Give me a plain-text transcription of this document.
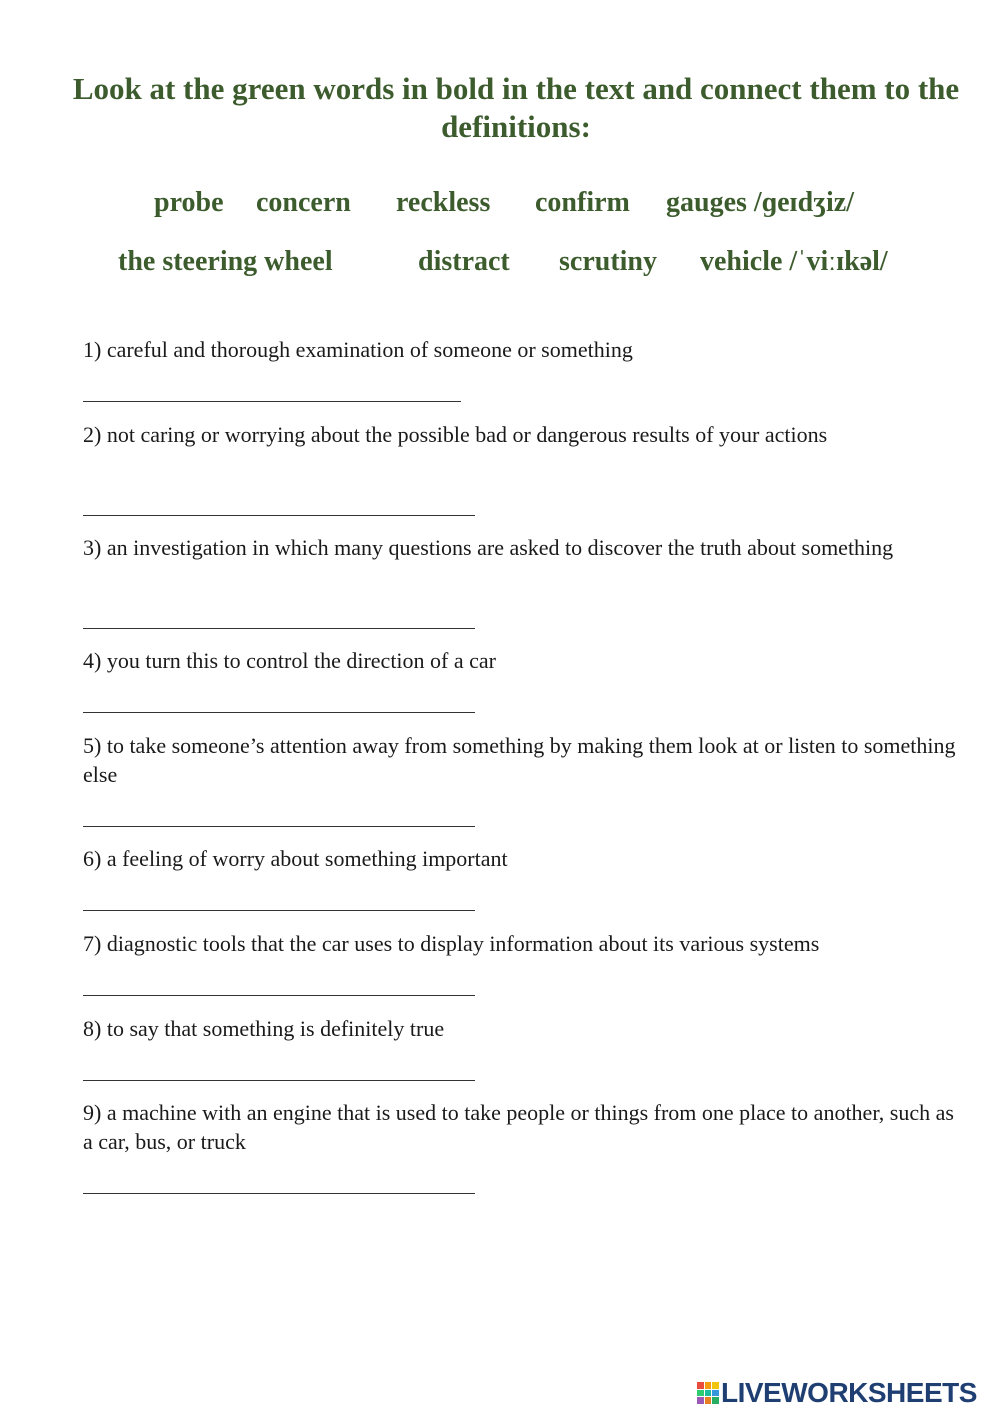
Look at the green words in bold in the text and connect them to the definitions:
probe concern reckless confirm gauges /ɡeɪdʒiz/
the steering wheel	distract scrutiny vehicle /ˈviːɪkəl/
1) careful and thorough examination of someone or something
2) not caring or worrying about the possible bad or dangerous results of your actions
3) an investigation in which many questions are asked to discover the truth about something
4) you turn this to control the direction of a car
5) to take someone’s attention away from something by making them look at or listen to something else
6) a feeling of worry about something important
7) diagnostic tools that the car uses to display information about its various systems
8) to say that something is definitely true
9) a machine with an engine that is used to take people or things from one place to another, such as a car, bus, or truck
LIVEWORKSHEETS
